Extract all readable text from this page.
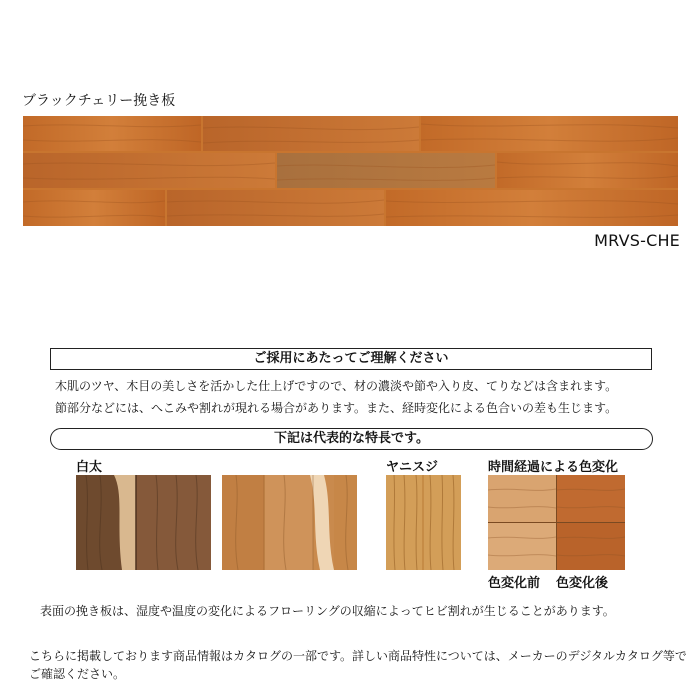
ブラックチェリー挽き板
MRVS-CHE
ご採用にあたってご理解ください
木肌のツヤ、木目の美しさを活かした仕上げですので、材の濃淡や節や入り皮、てりなどは含まれます。
節部分などには、へこみや割れが現れる場合があります。また、経時変化による色合いの差も生じます。
下記は代表的な特長です。
白太	ヤニスジ	時間経過による色変化
色変化前 色変化後
表面の挽き板は、湿度や温度の変化によるフローリングの収縮によってヒビ割れが生じることがあります。
こちらに掲載しております商品情報はカタログの一部です。詳しい商品特性については、メーカーのデジタルカタログ等でご確認ください。
